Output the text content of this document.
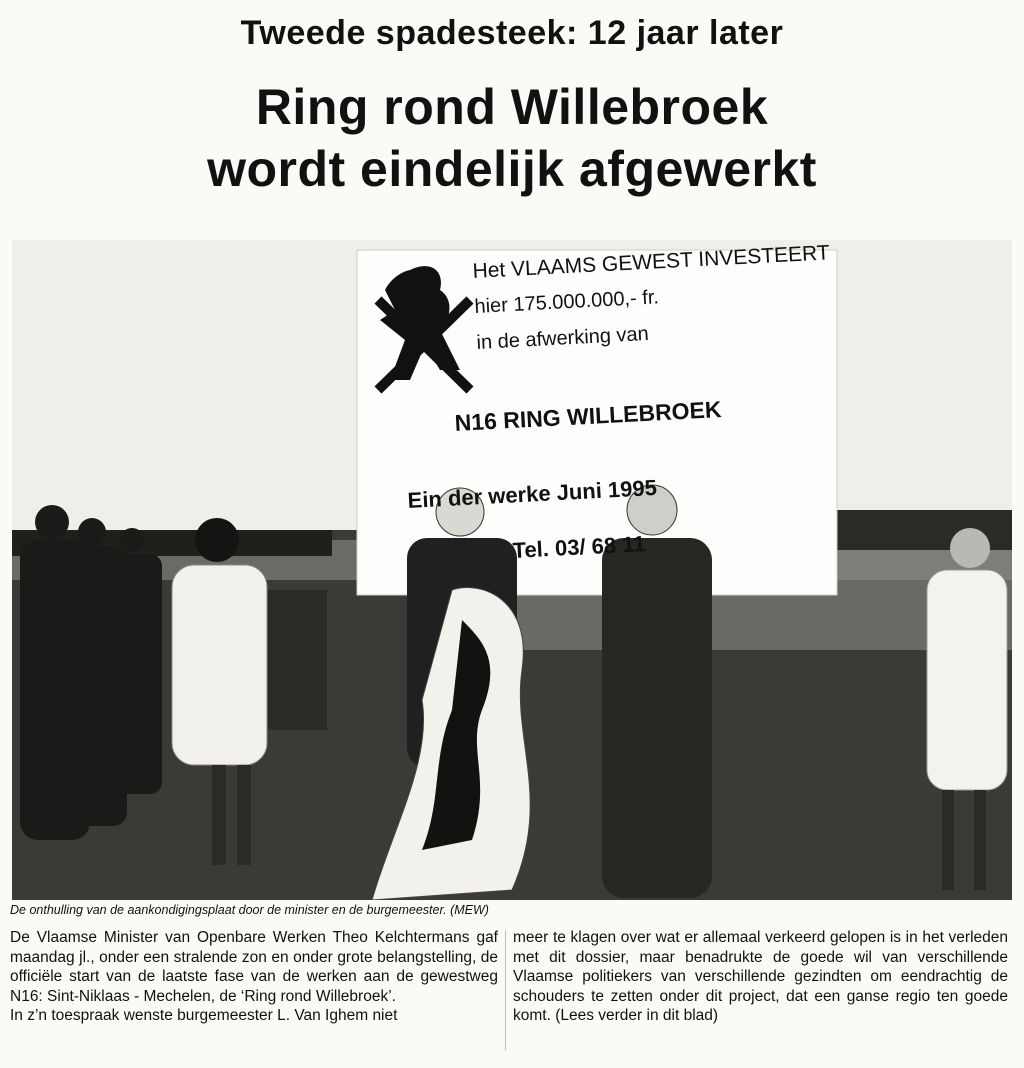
Tweede spadesteek: 12 jaar later
Ring rond Willebroek
wordt eindelijk afgewerkt
Het VLAAMS GEWEST INVESTEERT
hier 175.000.000,- fr.
in de afwerking van
N16 RING WILLEBROEK
Ein der werke Juni 1995
Tel. 03/ 68 11
De onthulling van de aankondigingsplaat door de minister en de burgemeester. (MEW)
De Vlaamse Minister van Openbare Werken Theo Kelchtermans gaf maandag jl., onder een stralende zon en onder grote belangstelling, de officiële start van de laatste fase van de werken aan de gewestweg N16: Sint-Niklaas - Mechelen, de ‘Ring rond Willebroek’.
In z’n toespraak wenste burgemeester L. Van Ighem niet
meer te klagen over wat er allemaal verkeerd gelopen is in het verleden met dit dossier, maar benadrukte de goede wil van verschillende Vlaamse politiekers van verschillende gezindten om eendrachtig de schouders te zetten onder dit project, dat een ganse regio ten goede komt. (Lees verder in dit blad)
